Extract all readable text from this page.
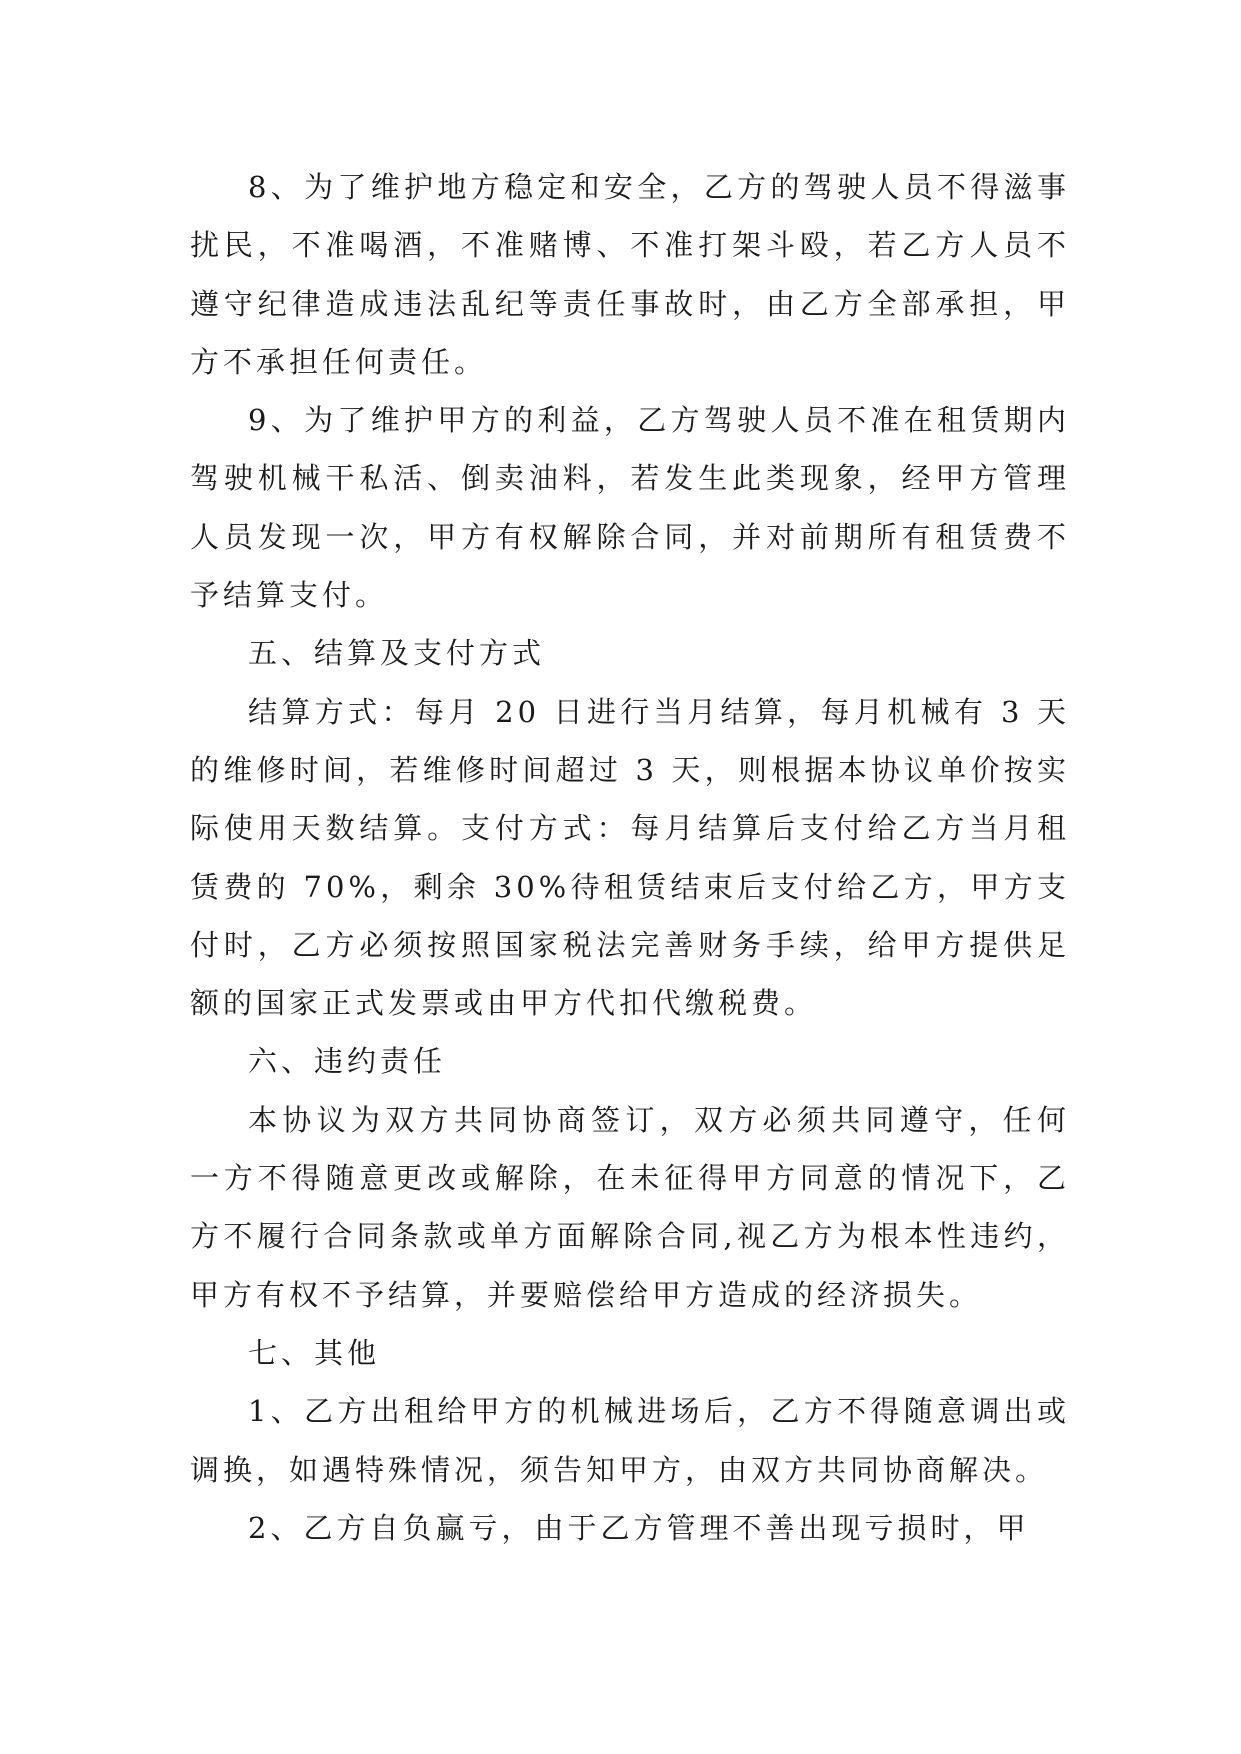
8、为了维护地方稳定和安全，乙方的驾驶人员不得滋事扰民，不准喝酒，不准赌博、不准打架斗殴，若乙方人员不遵守纪律造成违法乱纪等责任事故时，由乙方全部承担，甲方不承担任何责任。

9、为了维护甲方的利益，乙方驾驶人员不准在租赁期内驾驶机械干私活、倒卖油料，若发生此类现象，经甲方管理人员发现一次，甲方有权解除合同，并对前期所有租赁费不予结算支付。

五、结算及支付方式

结算方式：每月 20 日进行当月结算，每月机械有 3 天的维修时间，若维修时间超过 3 天，则根据本协议单价按实际使用天数结算。支付方式：每月结算后支付给乙方当月租赁费的 70%，剩余 30%待租赁结束后支付给乙方，甲方支付时，乙方必须按照国家税法完善财务手续，给甲方提供足额的国家正式发票或由甲方代扣代缴税费。

六、违约责任

本协议为双方共同协商签订，双方必须共同遵守，任何一方不得随意更改或解除，在未征得甲方同意的情况下，乙方不履行合同条款或单方面解除合同,视乙方为根本性违约，甲方有权不予结算，并要赔偿给甲方造成的经济损失。

七、其他

1、乙方出租给甲方的机械进场后，乙方不得随意调出或调换，如遇特殊情况，须告知甲方，由双方共同协商解决。

2、乙方自负赢亏，由于乙方管理不善出现亏损时，甲
